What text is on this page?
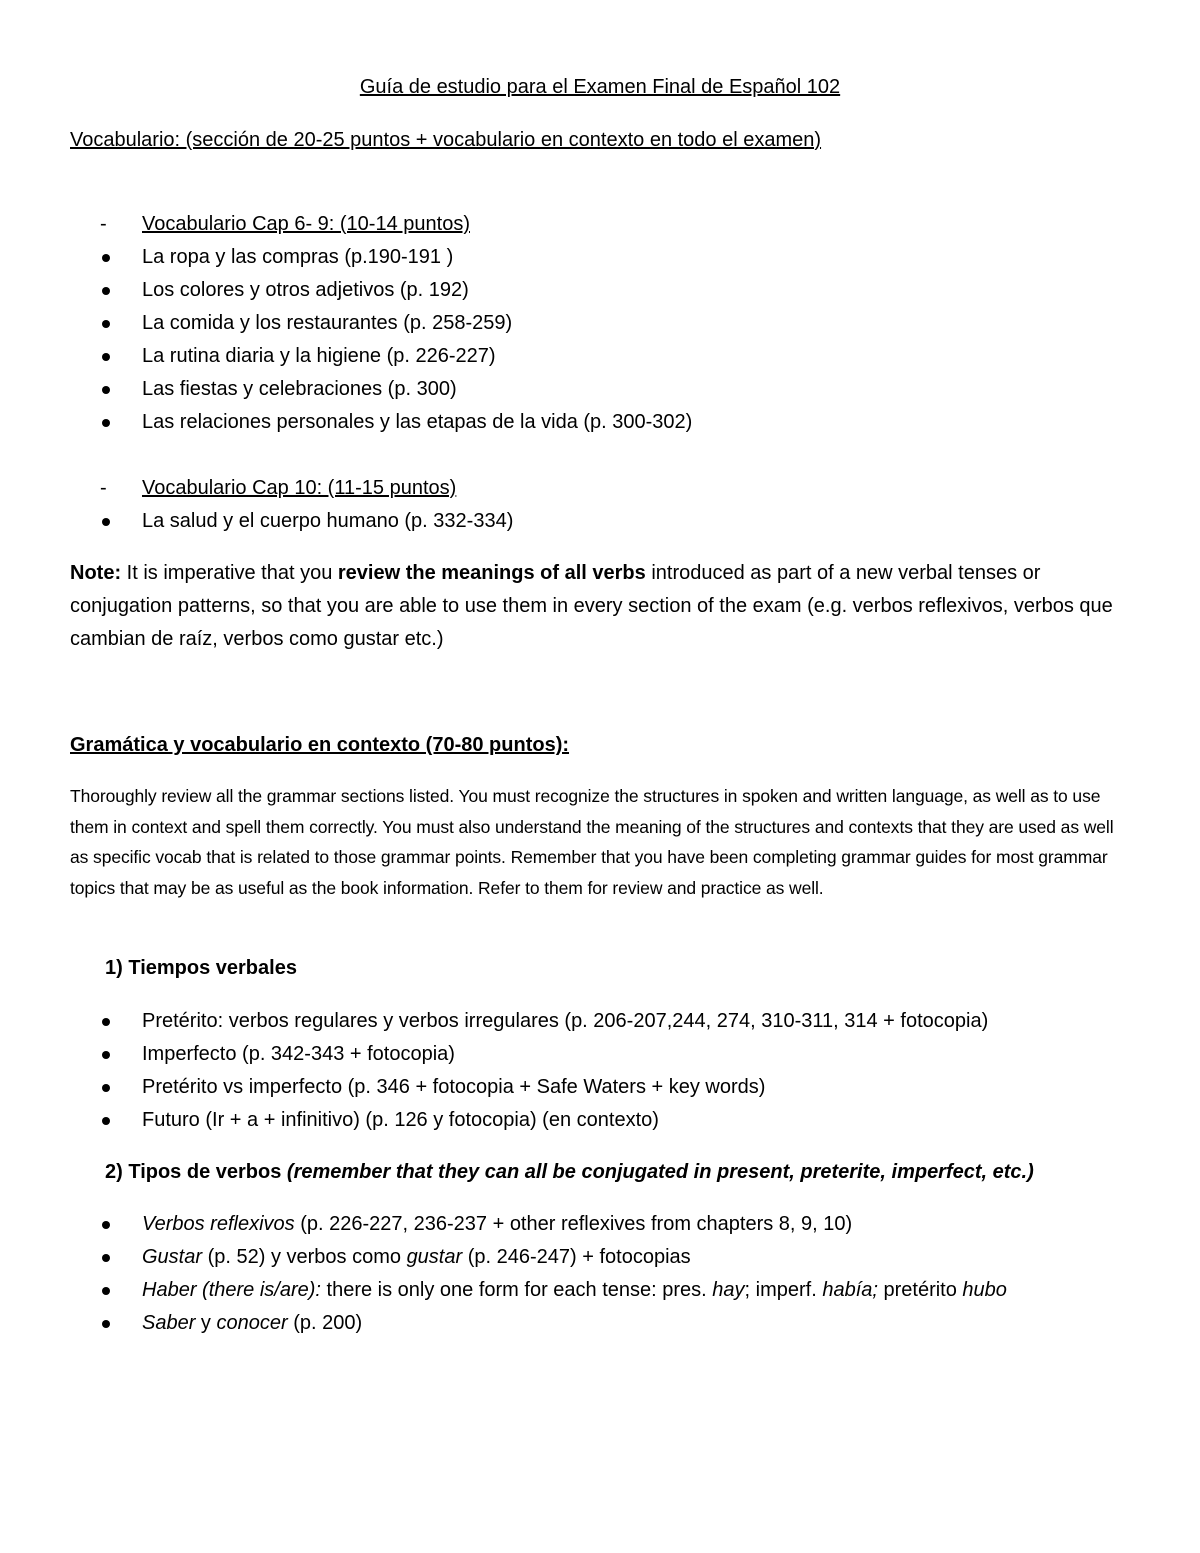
Guía de estudio para el Examen Final de Español 102

Vocabulario: (sección de 20-25 puntos + vocabulario en contexto en todo el examen)

- Vocabulario Cap 6- 9: (10-14 puntos)
La ropa y las compras (p.190-191 )
Los colores y otros adjetivos (p. 192)
La comida y los restaurantes (p. 258-259)
La rutina diaria y la higiene (p. 226-227)
Las fiestas y celebraciones (p. 300)
Las relaciones personales y las etapas de la vida (p. 300-302)
- Vocabulario Cap 10: (11-15 puntos)
La salud y el cuerpo humano (p. 332-334)

Note: It is imperative that you review the meanings of all verbs introduced as part of a new verbal tenses or conjugation patterns, so that you are able to use them in every section of the exam (e.g. verbos reflexivos, verbos que cambian de raíz, verbos como gustar etc.)

Gramática y vocabulario en contexto (70-80 puntos):

Thoroughly review all the grammar sections listed. You must recognize the structures in spoken and written language, as well as to use them in context and spell them correctly. You must also understand the meaning of the structures and contexts that they are used as well as specific vocab that is related to those grammar points. Remember that you have been completing grammar guides for most grammar topics that may be as useful as the book information. Refer to them for review and practice as well.

1) Tiempos verbales

Pretérito: verbos regulares y verbos irregulares (p. 206-207,244, 274, 310-311, 314 + fotocopia)
Imperfecto (p. 342-343 + fotocopia)
Pretérito vs imperfecto (p. 346 + fotocopia + Safe Waters + key words)
Futuro (Ir + a + infinitivo) (p. 126 y fotocopia) (en contexto)

2) Tipos de verbos (remember that they can all be conjugated in present, preterite, imperfect, etc.)

Verbos reflexivos (p. 226-227, 236-237 + other reflexives from chapters 8, 9, 10)
Gustar (p. 52) y verbos como gustar (p. 246-247) + fotocopias
Haber (there is/are): there is only one form for each tense: pres. hay; imperf. había; pretérito hubo
Saber y conocer (p. 200)
